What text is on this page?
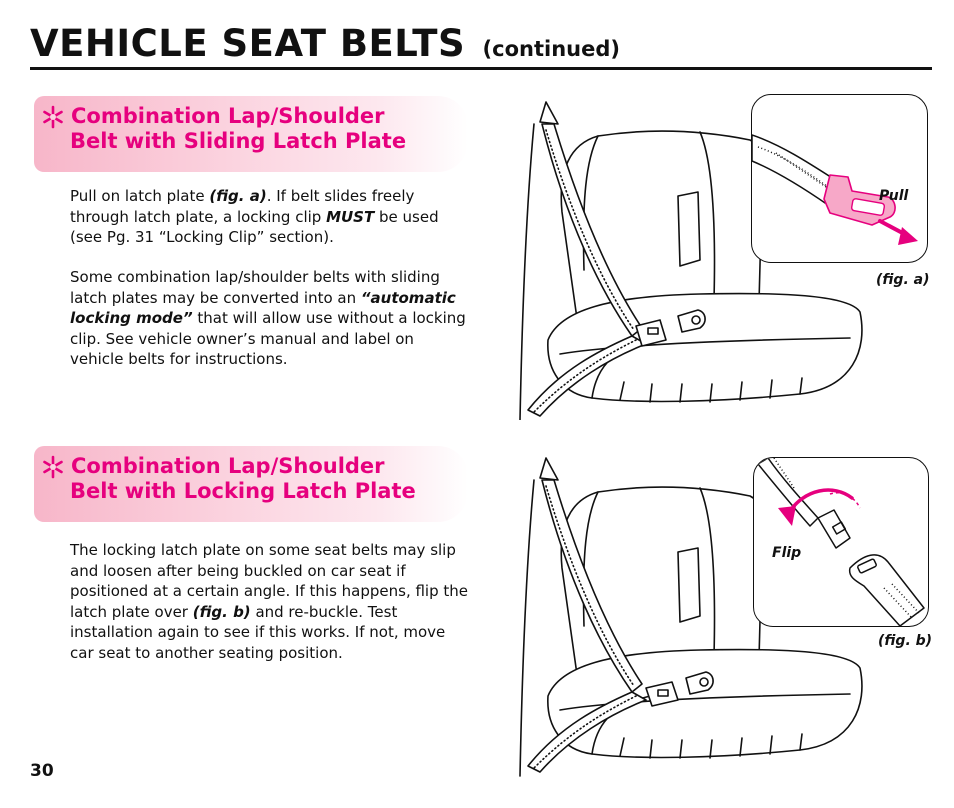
VEHICLE SEAT BELTS (continued)
Combination Lap/Shoulder
Belt with Sliding Latch Plate

Pull on latch plate (fig. a). If belt slides freely through latch plate, a locking clip MUST be used (see Pg. 31 “Locking Clip” section).

Some combination lap/shoulder belts with sliding latch plates may be converted into an “automatic locking mode” that will allow use without a locking clip. See vehicle owner’s manual and label on vehicle belts for instructions.

Combination Lap/Shoulder
Belt with Locking Latch Plate

The locking latch plate on some seat belts may slip and loosen after being buckled on car seat if positioned at a certain angle. If this happens, flip the latch plate over (fig. b) and re-buckle. Test installation again to see if this works. If not, move car seat to another seating position.

Pull
(fig. a)
Flip
(fig. b)
30
